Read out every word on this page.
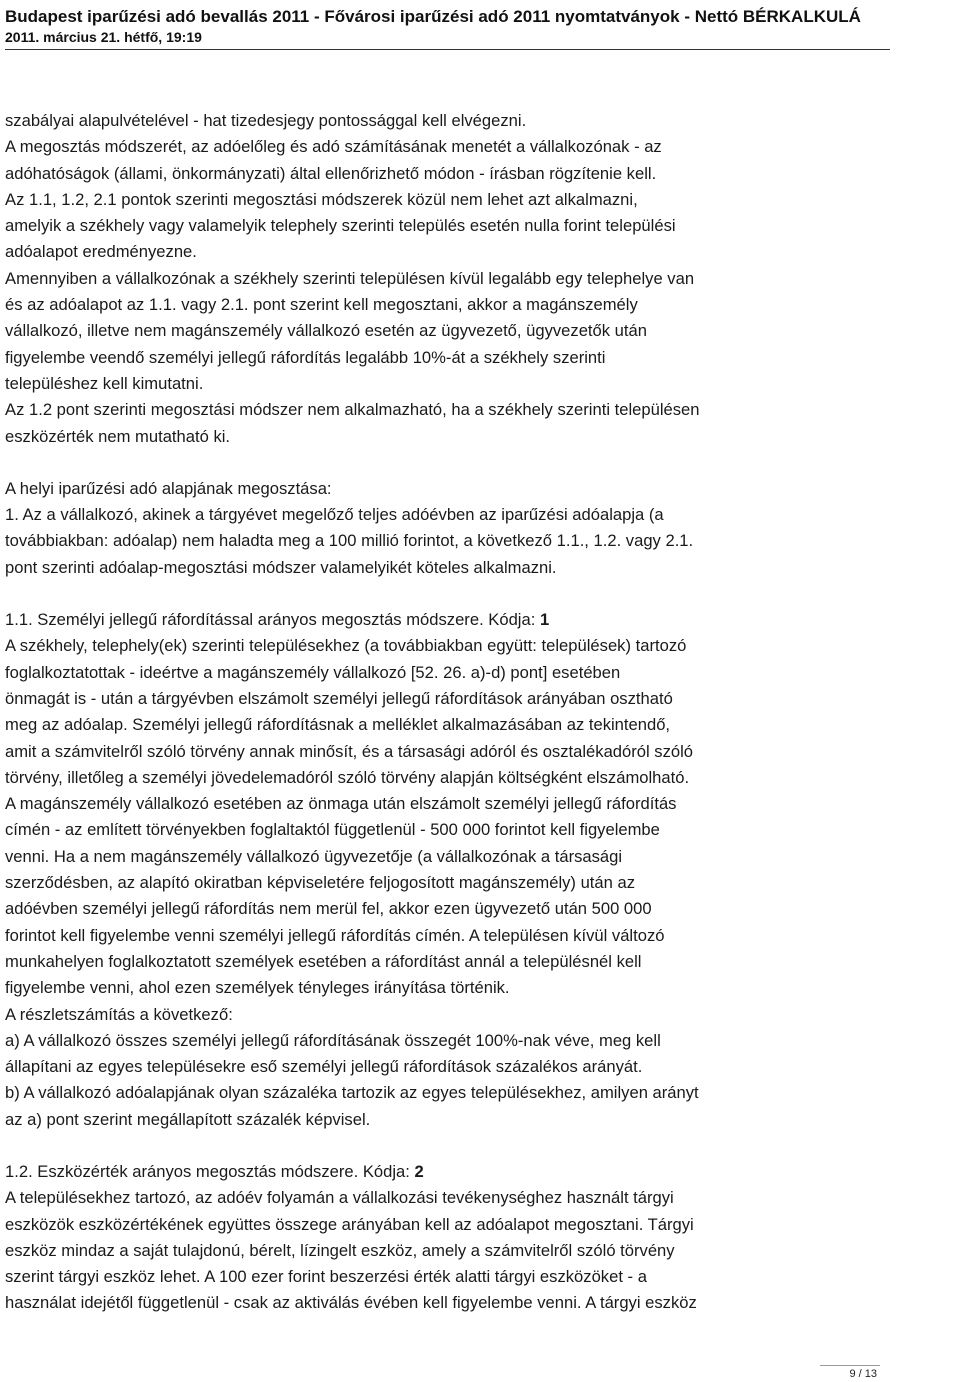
Budapest iparűzési adó bevallás 2011 - Fővárosi iparűzési adó 2011 nyomtatványok - Nettó BÉRKALKULÁ
2011. március 21. hétfő, 19:19

szabályai alapulvételével - hat tizedesjegy pontossággal kell elvégezni.

A megosztás módszerét, az adóelőleg és adó számításának menetét a vállalkozónak - az

adóhatóságok (állami, önkormányzati) által ellenőrizhető módon - írásban rögzítenie kell.

Az 1.1, 1.2, 2.1 pontok szerinti megosztási módszerek közül nem lehet azt alkalmazni,

amelyik a székhely vagy valamelyik telephely szerinti település esetén nulla forint települési

adóalapot eredményezne.

Amennyiben a vállalkozónak a székhely szerinti településen kívül legalább egy telephelye van

és az adóalapot az 1.1. vagy 2.1. pont szerint kell megosztani, akkor a magánszemély

vállalkozó, illetve nem magánszemély vállalkozó esetén az ügyvezető, ügyvezetők után

figyelembe veendő személyi jellegű ráfordítás legalább 10%-át a székhely szerinti

településhez kell kimutatni.

Az 1.2 pont szerinti megosztási módszer nem alkalmazható, ha a székhely szerinti településen

eszközérték nem mutatható ki.

A helyi iparűzési adó alapjának megosztása:

1. Az a vállalkozó, akinek a tárgyévet megelőző teljes adóévben az iparűzési adóalapja (a

továbbiakban: adóalap) nem haladta meg a 100 millió forintot, a következő 1.1., 1.2. vagy 2.1.

pont szerinti adóalap-megosztási módszer valamelyikét köteles alkalmazni.

1.1. Személyi jellegű ráfordítással arányos megosztás módszere. Kódja: 1

A székhely, telephely(ek) szerinti településekhez (a továbbiakban együtt: települések) tartozó

foglalkoztatottak - ideértve a magánszemély vállalkozó [52. 26. a)-d) pont] esetében

önmagát is - után a tárgyévben elszámolt személyi jellegű ráfordítások arányában osztható

meg az adóalap. Személyi jellegű ráfordításnak a melléklet alkalmazásában az tekintendő,

amit a számvitelről szóló törvény annak minősít, és a társasági adóról és osztalékadóról szóló

törvény, illetőleg a személyi jövedelemadóról szóló törvény alapján költségként elszámolható.

A magánszemély vállalkozó esetében az önmaga után elszámolt személyi jellegű ráfordítás

címén - az említett törvényekben foglaltaktól függetlenül - 500 000 forintot kell figyelembe

venni. Ha a nem magánszemély vállalkozó ügyvezetője (a vállalkozónak a társasági

szerződésben, az alapító okiratban képviseletére feljogosított magánszemély) után az

adóévben személyi jellegű ráfordítás nem merül fel, akkor ezen ügyvezető után 500 000

forintot kell figyelembe venni személyi jellegű ráfordítás címén. A településen kívül változó

munkahelyen foglalkoztatott személyek esetében a ráfordítást annál a településnél kell

figyelembe venni, ahol ezen személyek tényleges irányítása történik.

A részletszámítás a következő:

a) A vállalkozó összes személyi jellegű ráfordításának összegét 100%-nak véve, meg kell

állapítani az egyes településekre eső személyi jellegű ráfordítások százalékos arányát.

b) A vállalkozó adóalapjának olyan százaléka tartozik az egyes településekhez, amilyen arányt

az a) pont szerint megállapított százalék képvisel.

1.2. Eszközérték arányos megosztás módszere. Kódja: 2

A településekhez tartozó, az adóév folyamán a vállalkozási tevékenységhez használt tárgyi

eszközök eszközértékének együttes összege arányában kell az adóalapot megosztani. Tárgyi

eszköz mindaz a saját tulajdonú, bérelt, lízingelt eszköz, amely a számvitelről szóló törvény

szerint tárgyi eszköz lehet. A 100 ezer forint beszerzési érték alatti tárgyi eszközöket - a

használat idejétől függetlenül - csak az aktiválás évében kell figyelembe venni. A tárgyi eszköz

9 / 13
